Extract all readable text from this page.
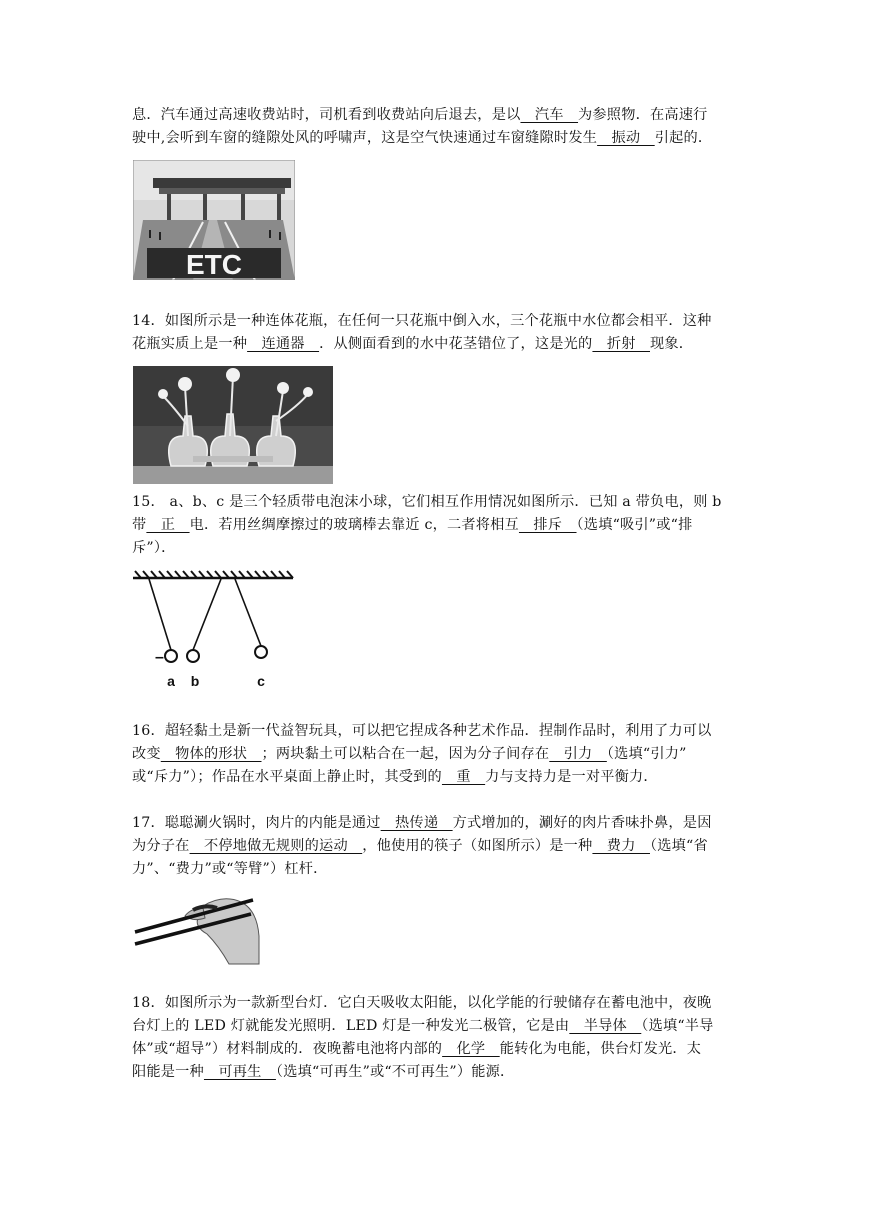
息．汽车通过高速收费站时，司机看到收费站向后退去，是以　汽车　为参照物．在高速行
驶中,会听到车窗的缝隙处风的呼啸声，这是空气快速通过车窗缝隙时发生　振动　引起的．

ETC

14．如图所示是一种连体花瓶，在任何一只花瓶中倒入水，三个花瓶中水位都会相平．这种
花瓶实质上是一种　连通器　．从侧面看到的水中花茎错位了，这是光的　折射　现象．

15． a、b、c 是三个轻质带电泡沫小球，它们相互作用情况如图所示．已知 a 带负电，则 b
带　正　电．若用丝绸摩擦过的玻璃棒去靠近 c，二者将相互　排斥　（选填“吸引”或“排
斥”）．

–
a b	c

16．超轻黏土是新一代益智玩具，可以把它捏成各种艺术作品．捏制作品时，利用了力可以
改变　物体的形状　；两块黏土可以粘合在一起，因为分子间存在　引力　（选填“引力”
或“斥力”）；作品在水平桌面上静止时，其受到的　重　力与支持力是一对平衡力．

17．聪聪涮火锅时，肉片的内能是通过　热传递　方式增加的，涮好的肉片香味扑鼻，是因
为分子在　不停地做无规则的运动　，他使用的筷子（如图所示）是一种　费力　（选填“省
力”、“费力”或“等臂”）杠杆．

18．如图所示为一款新型台灯．它白天吸收太阳能，以化学能的行驶储存在蓄电池中，夜晚
台灯上的 LED 灯就能发光照明．LED 灯是一种发光二极管，它是由　半导体　（选填“半导
体”或“超导”）材料制成的．夜晚蓄电池将内部的　化学　能转化为电能，供台灯发光．太
阳能是一种　可再生　（选填“可再生”或“不可再生”）能源．
